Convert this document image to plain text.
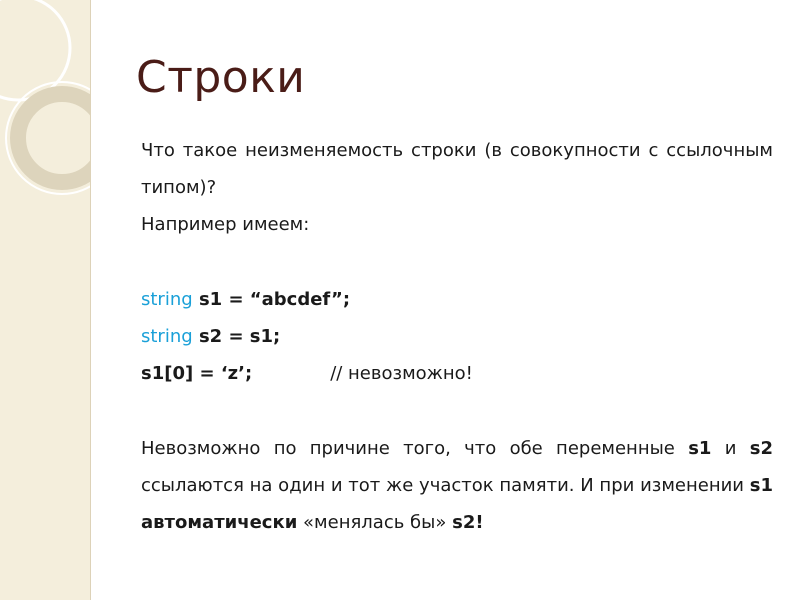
Строки

Что такое неизменяемость строки (в совокупности с ссылочным типом)?

Например имеем:

string s1 = “abcdef”;

string s2 = s1;

s1[0] = ‘z’;	// невозможно!

Невозможно по причине того, что обе переменные s1 и s2 ссылаются на один и тот же участок памяти. И при изменении s1 автоматически «менялась бы» s2!
